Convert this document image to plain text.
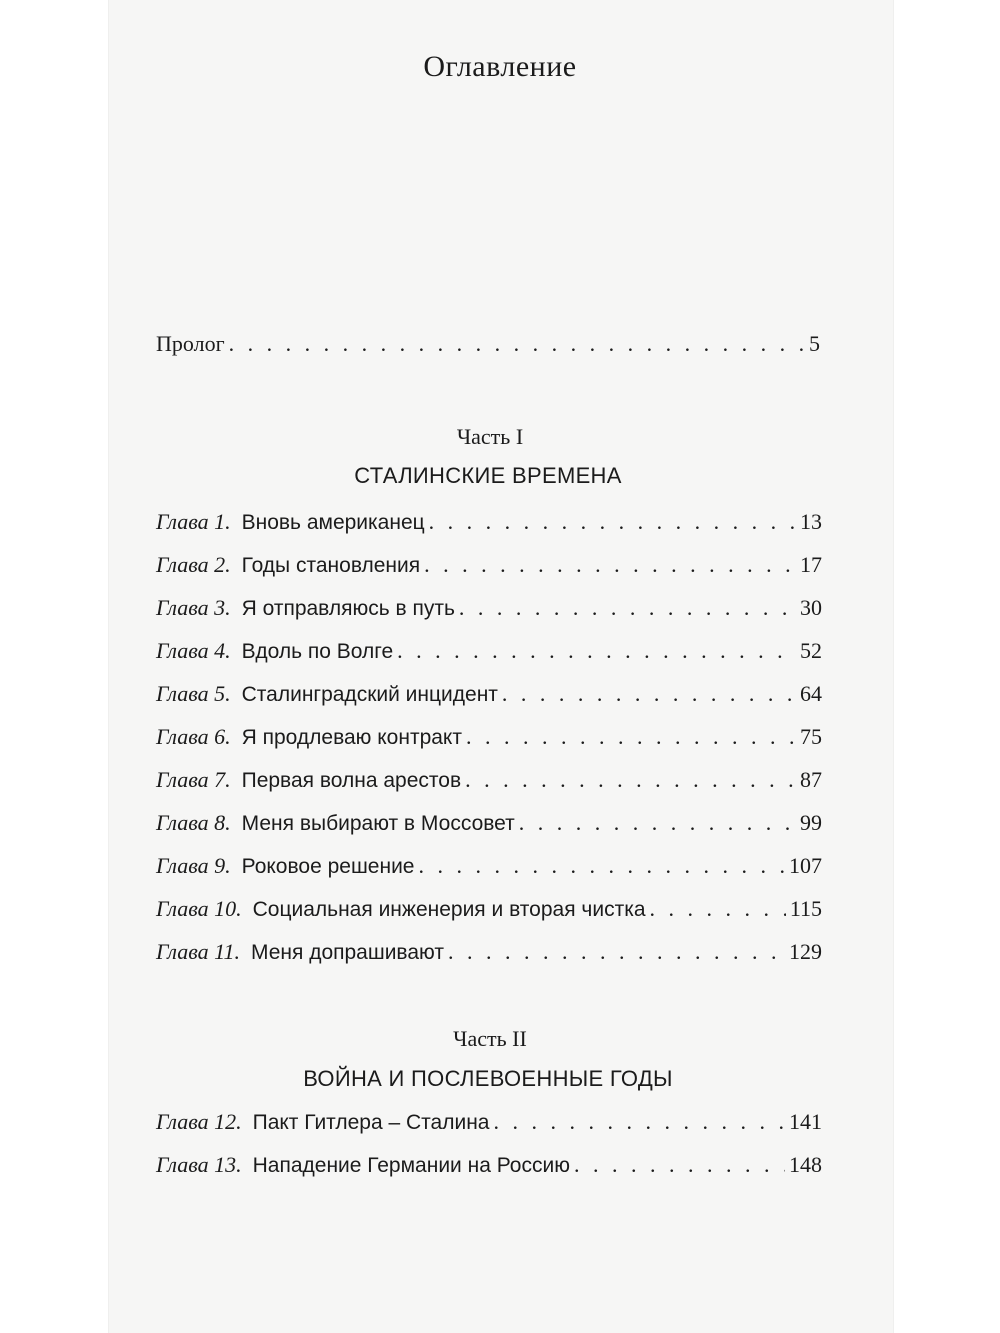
Оглавление
Пролог . . .	5
Часть I
СТАЛИНСКИЕ ВРЕМЕНА
Глава 1. Вновь американец . . .	13
Глава 2. Годы становления . . .	17
Глава 3. Я отправляюсь в путь . . .	30
Глава 4. Вдоль по Волге . . .	52
Глава 5. Сталинградский инцидент . . .	64
Глава 6. Я продлеваю контракт . . .	75
Глава 7. Первая волна арестов . . .	87
Глава 8. Меня выбирают в Моссовет . . .	99
Глава 9. Роковое решение . . .	107
Глава 10. Социальная инженерия и вторая чистка . . .	115
Глава 11. Меня допрашивают . . .	129
Часть II
ВОЙНА И ПОСЛЕВОЕННЫЕ ГОДЫ
Глава 12. Пакт Гитлера – Сталина . . .	141
Глава 13. Нападение Германии на Россию . . .	148
